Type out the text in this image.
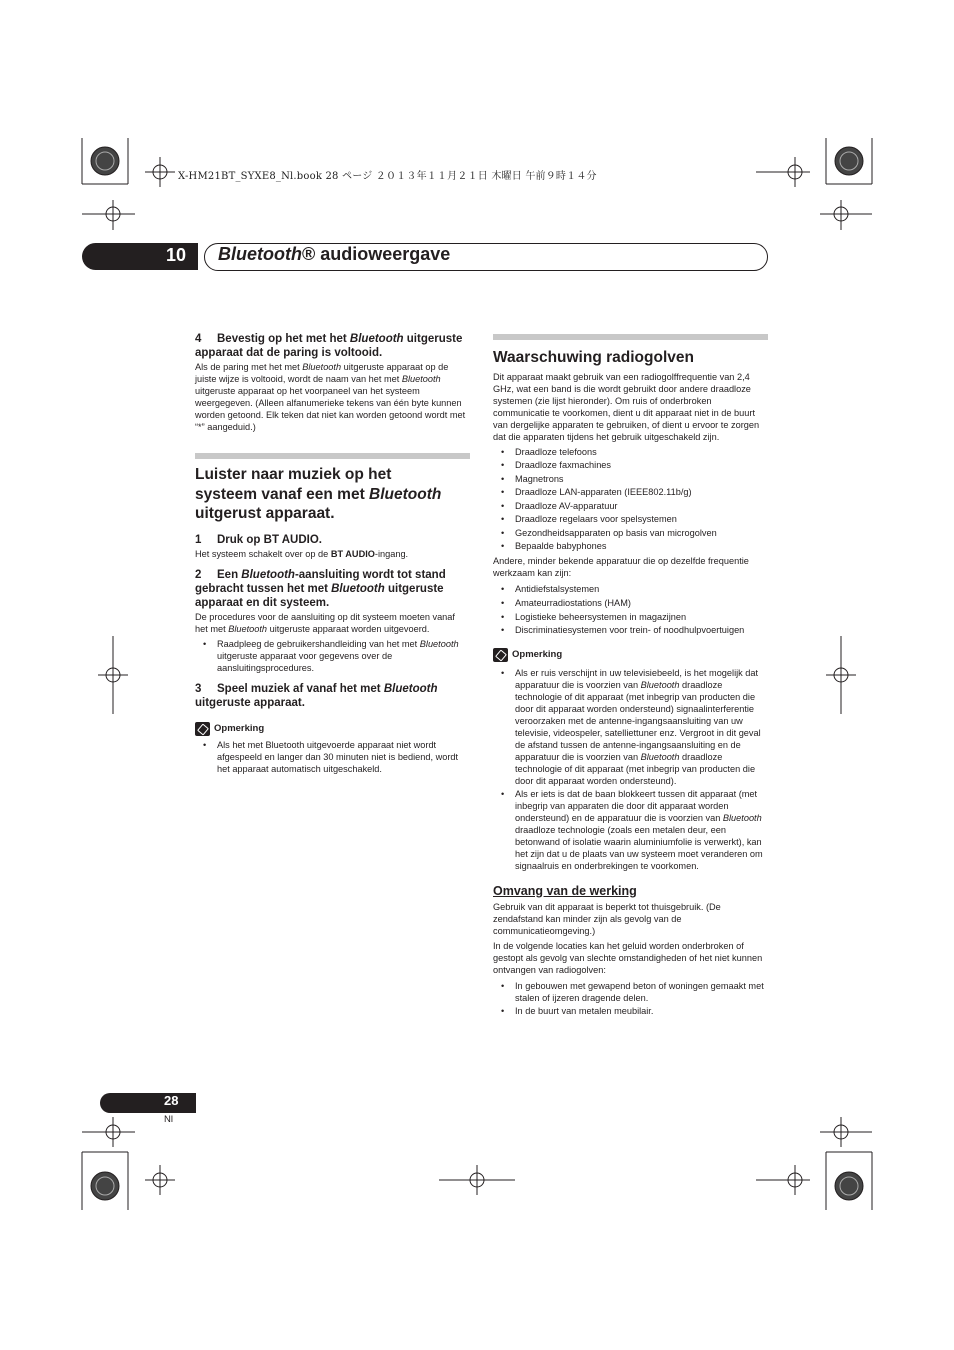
X-HM21BT_SYXE8_Nl.book 28 ページ ２０１３年１１月２１日 木曜日 午前９時１４分
10 Bluetooth® audioweergave

4 Bevestig op het met het Bluetooth uitgeruste apparaat dat de paring is voltooid.

Als de paring met het met Bluetooth uitgeruste apparaat op de juiste wijze is voltooid, wordt de naam van het met Bluetooth uitgeruste apparaat op het voorpaneel van het systeem weergegeven. (Alleen alfanumerieke tekens van één byte kunnen worden getoond. Elk teken dat niet kan worden getoond wordt met “*” aangeduid.)

Luister naar muziek op het
systeem vanaf een met Bluetooth
uitgerust apparaat.

1 Druk op BT AUDIO.

Het systeem schakelt over op de BT AUDIO-ingang.

2 Een Bluetooth-aansluiting wordt tot stand gebracht tussen het met Bluetooth uitgeruste apparaat en dit systeem.

De procedures voor de aansluiting op dit systeem moeten vanaf het met Bluetooth uitgeruste apparaat worden uitgevoerd.

• Raadpleeg de gebruikershandleiding van het met Bluetooth uitgeruste apparaat voor gegevens over de aansluitingsprocedures.

3 Speel muziek af vanaf het met Bluetooth uitgeruste apparaat.

Opmerking
• Als het met Bluetooth uitgevoerde apparaat niet wordt afgespeeld en langer dan 30 minuten niet is bediend, wordt het apparaat automatisch uitgeschakeld.

Waarschuwing radiogolven

Dit apparaat maakt gebruik van een radiogolffrequentie van 2,4 GHz, wat een band is die wordt gebruikt door andere draadloze systemen (zie lijst hieronder). Om ruis of onderbroken communicatie te voorkomen, dient u dit apparaat niet in de buurt van dergelijke apparaten te gebruiken, of dient u ervoor te zorgen dat die apparaten tijdens het gebruik uitgeschakeld zijn.

• Draadloze telefoons
• Draadloze faxmachines
• Magnetrons
• Draadloze LAN-apparaten (IEEE802.11b/g)
• Draadloze AV-apparatuur
• Draadloze regelaars voor spelsystemen
• Gezondheidsapparaten op basis van microgolven
• Bepaalde babyphones

Andere, minder bekende apparatuur die op dezelfde frequentie werkzaam kan zijn:

• Antidiefstalsystemen
• Amateurradiostations (HAM)
• Logistieke beheersystemen in magazijnen
• Discriminatiesystemen voor trein- of noodhulpvoertuigen
Opmerking
• Als er ruis verschijnt in uw televisiebeeld, is het mogelijk dat apparatuur die is voorzien van Bluetooth draadloze technologie of dit apparaat (met inbegrip van producten die door dit apparaat worden ondersteund) signaalinterferentie veroorzaken met de antenne-ingangsaansluiting van uw televisie, videospeler, satelliettuner enz. Vergroot in dit geval de afstand tussen de antenne-ingangsaansluiting en de apparatuur die is voorzien van Bluetooth draadloze technologie of dit apparaat (met inbegrip van producten die door dit apparaat worden ondersteund).
• Als er iets is dat de baan blokkeert tussen dit apparaat (met inbegrip van apparaten die door dit apparaat worden ondersteund) en de apparatuur die is voorzien van Bluetooth draadloze technologie (zoals een metalen deur, een betonwand of isolatie waarin aluminiumfolie is verwerkt), kan het zijn dat u de plaats van uw systeem moet veranderen om signaalruis en onderbrekingen te voorkomen.

Omvang van de werking

Gebruik van dit apparaat is beperkt tot thuisgebruik. (De zendafstand kan minder zijn als gevolg van de communicatieomgeving.)

In de volgende locaties kan het geluid worden onderbroken of gestopt als gevolg van slechte omstandigheden of het niet kunnen ontvangen van radiogolven:

• In gebouwen met gewapend beton of woningen gemaakt met stalen of ijzeren dragende delen.
• In de buurt van metalen meubilair.
28
Nl
